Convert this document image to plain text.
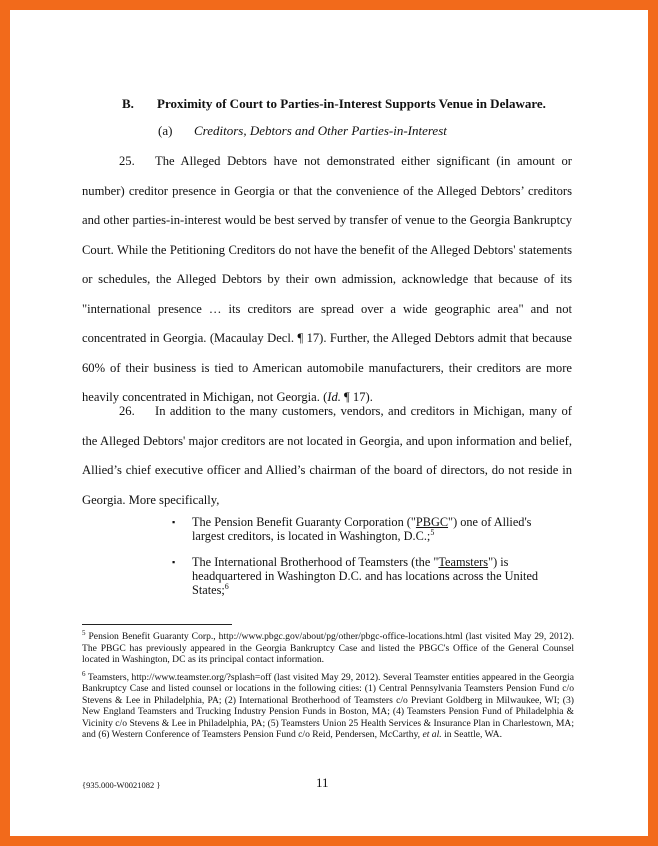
B. Proximity of Court to Parties-in-Interest Supports Venue in Delaware.
(a) Creditors, Debtors and Other Parties-in-Interest

25. The Alleged Debtors have not demonstrated either significant (in amount or number) creditor presence in Georgia or that the convenience of the Alleged Debtors’ creditors and other parties-in-interest would be best served by transfer of venue to the Georgia Bankruptcy Court. While the Petitioning Creditors do not have the benefit of the Alleged Debtors' statements or schedules, the Alleged Debtors by their own admission, acknowledge that because of its "international presence … its creditors are spread over a wide geographic area" and not concentrated in Georgia. (Macaulay Decl. ¶ 17). Further, the Alleged Debtors admit that because 60% of their business is tied to American automobile manufacturers, their creditors are more heavily concentrated in Michigan, not Georgia. (Id. ¶ 17).

26. In addition to the many customers, vendors, and creditors in Michigan, many of the Alleged Debtors' major creditors are not located in Georgia, and upon information and belief, Allied’s chief executive officer and Allied’s chairman of the board of directors, do not reside in Georgia. More specifically,

▪ The Pension Benefit Guaranty Corporation ("PBGC") one of Allied's largest creditors, is located in Washington, D.C.;$^5$
▪ The International Brotherhood of Teamsters (the "Teamsters") is headquartered in Washington D.C. and has locations across the United States;$^6$

$^5$ Pension Benefit Guaranty Corp., http://www.pbgc.gov/about/pg/other/pbgc-office-locations.html (last visited May 29, 2012). The PBGC has previously appeared in the Georgia Bankruptcy Case and listed the PBGC's Office of the General Counsel located in Washington, DC as its principal contact information.

$^6$ Teamsters, http://www.teamster.org/?splash=off (last visited May 29, 2012). Several Teamster entities appeared in the Georgia Bankruptcy Case and listed counsel or locations in the following cities: (1) Central Pennsylvania Teamsters Pension Fund c/o Stevens & Lee in Philadelphia, PA; (2) International Brotherhood of Teamsters c/o Previant Goldberg in Milwaukee, WI; (3) New England Teamsters and Trucking Industry Pension Funds in Boston, MA; (4) Teamsters Pension Fund of Philadelphia & Vicinity c/o Stevens & Lee in Philadelphia, PA; (5) Teamsters Union 25 Health Services & Insurance Plan in Charlestown, MA; and (6) Western Conference of Teamsters Pension Fund c/o Reid, Pendersen, McCarthy, et al. in Seattle, WA.

{935.000-W0021082 }	11
